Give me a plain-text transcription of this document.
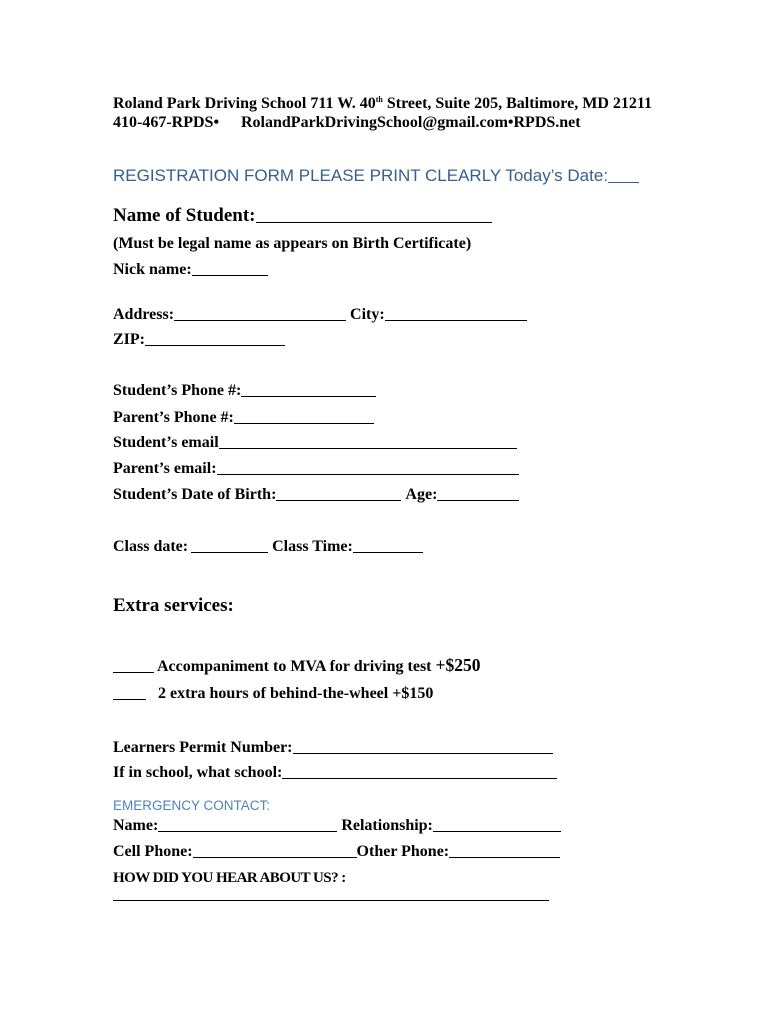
Roland Park Driving School 711 W. 40 th Street, Suite 205, Baltimore, MD 21211
410-467-RPDS• RolandParkDrivingSchool@gmail.com•RPDS.net
REGISTRATION FORM PLEASE PRINT CLEARLY Today’s Date:
Name of Student:
(Must be legal name as appears on Birth Certificate)
Nick name:
Address:	City:
ZIP:
Student’s Phone #:
Parent’s Phone #:
Student’s email
Parent’s email:
Student’s Date of Birth:	Age:
Class date:	Class Time:
Extra services:
Accompaniment to MVA for driving test +$250
2 extra hours of behind-the-wheel +$150
Learners Permit Number:
If in school, what school:
EMERGENCY CONTACT:
Name:	Relationship:
Cell Phone:	Other Phone:
HOW DID YOU HEAR ABOUT US? :
